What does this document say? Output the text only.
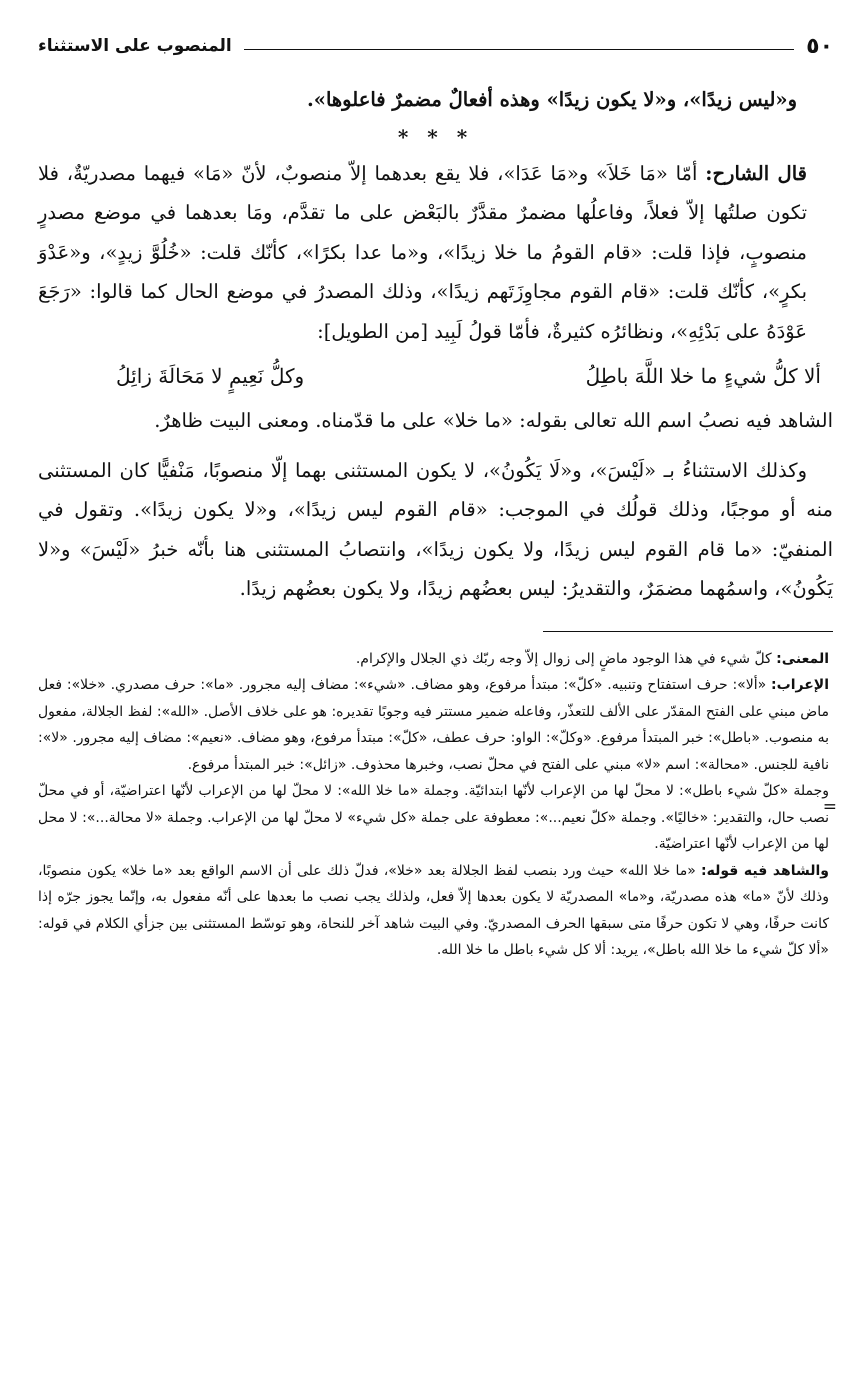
٥٠
المنصوب على الاستثناء

و«ليس زيدًا»، و«لا يكون زيدًا» وهذه أفعالٌ مضمرٌ فاعلوها».

* * *

قال الشارح: أمّا «مَا خَلاَ» و«مَا عَدَا»، فلا يقع بعدهما إلاّ منصوبٌ، لأنّ «مَا» فيهما مصدريّةٌ، فلا تكون صلتُها إلاّ فعلاً، وفاعلُها مضمرٌ مقدَّرٌ بالبَعْض على ما تقدَّم، ومَا بعدهما في موضع مصدرٍ منصوبٍ، فإذا قلت: «قام القومُ ما خلا زيدًا»، و«ما عدا بكرًا»، كأنّك قلت: «خُلُوَّ زيدٍ»، و«عَدْوَ بكرٍ»، كأنّك قلت: «قام القوم مجاوِزَتَهم زيدًا»، وذلك المصدرُ في موضع الحال كما قالوا: «رَجَعَ عَوْدَهُ على بَدْئِهِ»، ونظائرُه كثيرةٌ، فأمّا قولُ لَبِيد [من الطويل]:

ألا كلُّ شيءٍ ما خلا اللَّهَ باطِلُ
وكلُّ نَعِيمٍ لا مَحَالَةَ زائِلُ

الشاهد فيه نصبُ اسم الله تعالى بقوله: «ما خلا» على ما قدّمناه. ومعنى البيت ظاهرٌ.

وكذلك الاستثناءُ بـ «لَيْسَ»، و«لَا يَكُونُ»، لا يكون المستثنى بهما إلّا منصوبًا، مَنْفيًّا كان المستثنى منه أو موجبًا، وذلك قولُك في الموجب: «قام القوم ليس زيدًا»، و«لا يكون زيدًا». وتقول في المنفيّ: «ما قام القوم ليس زيدًا، ولا يكون زيدًا»، وانتصابُ المستثنى هنا بأنّه خبرُ «لَيْسَ» و«لا يَكُونُ»، واسمُهما مضمَرٌ، والتقديرُ: ليس بعضُهم زيدًا، ولا يكون بعضُهم زيدًا.

=

المعنى: كلّ شيء في هذا الوجود ماضٍ إلى زوال إلاّ وجه ربّك ذي الجلال والإكرام.

الإعراب: «ألا»: حرف استفتاح وتنبيه. «كلّ»: مبتدأ مرفوع، وهو مضاف. «شيء»: مضاف إليه مجرور. «ما»: حرف مصدري. «خلا»: فعل ماض مبني على الفتح المقدّر على الألف للتعذّر، وفاعله ضمير مستتر فيه وجوبًا تقديره: هو على خلاف الأصل. «الله»: لفظ الجلالة، مفعول به منصوب. «باطل»: خبر المبتدأ مرفوع. «وكلّ»: الواو: حرف عطف، «كلّ»: مبتدأ مرفوع، وهو مضاف. «نعيم»: مضاف إليه مجرور. «لا»: نافية للجنس. «محالة»: اسم «لا» مبني على الفتح في محلّ نصب، وخبرها محذوف. «زائل»: خبر المبتدأ مرفوع.

وجملة «كلّ شيء باطل»: لا محلّ لها من الإعراب لأنّها ابتدائيّة. وجملة «ما خلا الله»: لا محلّ لها من الإعراب لأنّها اعتراضيّة، أو في محلّ نصب حال، والتقدير: «خاليًا». وجملة «كلّ نعيم...»: معطوفة على جملة «كل شيء» لا محلّ لها من الإعراب. وجملة «لا محالة...»: لا محل لها من الإعراب لأنّها اعتراضيّة.

والشاهد فيه قوله: «ما خلا الله» حيث ورد بنصب لفظ الجلالة بعد «خلا»، فدلّ ذلك على أن الاسم الواقع بعد «ما خلا» يكون منصوبًا، وذلك لأنّ «ما» هذه مصدريّة، و«ما» المصدريّة لا يكون بعدها إلاّ فعل، ولذلك يجب نصب ما بعدها على أنّه مفعول به، وإنّما يجوز جرّه إذا كانت حرفًا، وهي لا تكون حرفًا متى سبقها الحرف المصدريّ. وفي البيت شاهد آخر للنحاة، وهو توسّط المستثنى بين جزأي الكلام في قوله: «ألا كلّ شيء ما خلا الله باطل»، يريد: ألا كل شيء باطل ما خلا الله.
